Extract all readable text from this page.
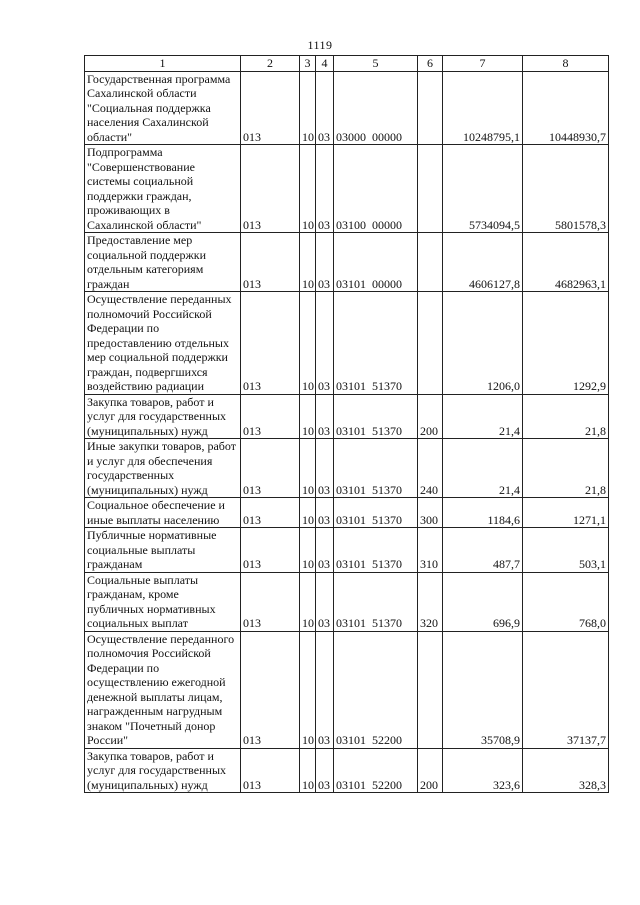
1119
1	2	3	4	5	6	7	8
Государственная программа Сахалинской области "Социальная поддержка населения Сахалинской области"	013	10	03	03000  00000		10248795,1	10448930,7
Подпрограмма "Совершенствование системы социальной поддержки граждан, проживающих в Сахалинской области"	013	10	03	03100  00000		5734094,5	5801578,3
Предоставление мер социальной поддержки отдельным категориям граждан	013	10	03	03101  00000		4606127,8	4682963,1
Осуществление переданных полномочий Российской Федерации по предоставлению отдельных мер социальной поддержки граждан, подвергшихся воздействию радиации	013	10	03	03101  51370		1206,0	1292,9
Закупка товаров, работ и услуг для государственных (муниципальных) нужд	013	10	03	03101  51370	200	21,4	21,8
Иные закупки товаров, работ и услуг для обеспечения государственных (муниципальных) нужд	013	10	03	03101  51370	240	21,4	21,8
Социальное обеспечение и иные выплаты населению	013	10	03	03101  51370	300	1184,6	1271,1
Публичные нормативные социальные выплаты гражданам	013	10	03	03101  51370	310	487,7	503,1
Социальные выплаты гражданам, кроме публичных нормативных социальных выплат	013	10	03	03101  51370	320	696,9	768,0
Осуществление переданного полномочия Российской Федерации по осуществлению ежегодной денежной выплаты лицам, награжденным нагрудным знаком "Почетный донор России"	013	10	03	03101  52200		35708,9	37137,7
Закупка товаров, работ и услуг для государственных (муниципальных) нужд	013	10	03	03101  52200	200	323,6	328,3
